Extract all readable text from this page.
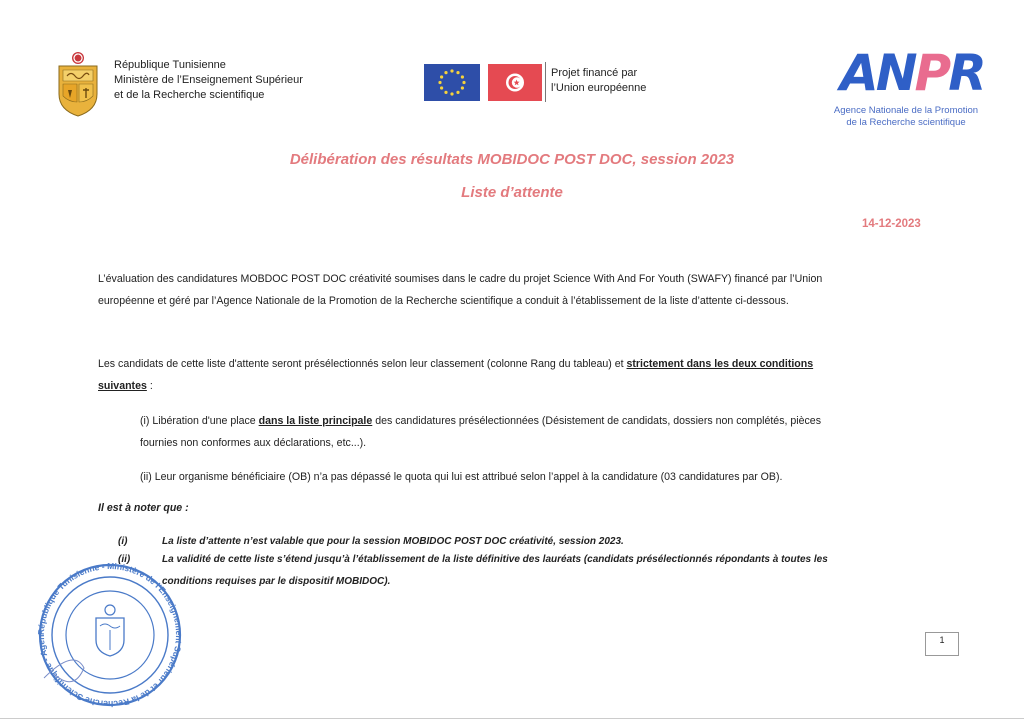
République Tunisienne
Ministère de l’Enseignement Supérieur
et de la Recherche scientifique
Projet financé par
l’Union européenne	ANPR
Agence Nationale de la Promotion
de la Recherche scientifique
Délibération des résultats MOBIDOC POST DOC, session 2023
Liste d’attente
14-12-2023
L’évaluation des candidatures MOBDOC POST DOC créativité soumises dans le cadre du projet Science With And For Youth (SWAFY) financé par l’Union
européenne et géré par l’Agence Nationale de la Promotion de la Recherche scientifique a conduit à l’établissement de la liste d’attente ci-dessous.
Les candidats de cette liste d'attente seront présélectionnés selon leur classement (colonne Rang du tableau) et strictement dans les deux conditions
suivantes :
(i) Libération d'une place dans la liste principale des candidatures présélectionnées (Désistement de candidats, dossiers non complétés, pièces
fournies non conformes aux déclarations, etc...).
(ii) Leur organisme bénéficiaire (OB) n’a pas dépassé le quota qui lui est attribué selon l’appel à la candidature (03 candidatures par OB).
Il est à noter que :
(i)	La liste d’attente n’est valable que pour la session MOBIDOC POST DOC créativité, session 2023.
(ii)	La validité de cette liste s’étend jusqu’à l’établissement de la liste définitive des lauréats (candidats présélectionnés répondants à toutes les
conditions requises par le dispositif MOBIDOC).
République Tunisienne - Ministère de l'Enseignement Supérieur et de la Recherche Scientifique - Agen	1
